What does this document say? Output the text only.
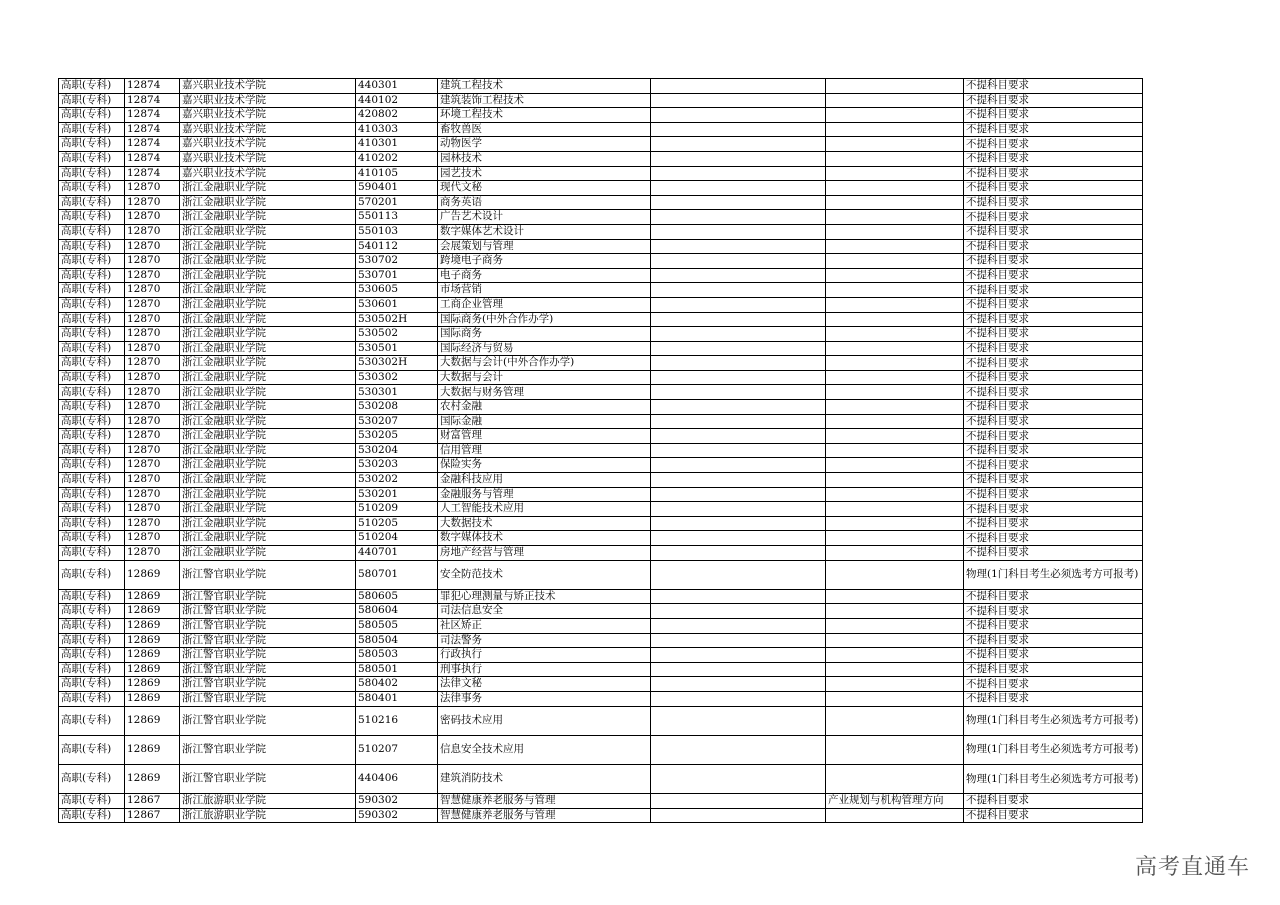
高职(专科)	12874	嘉兴职业技术学院	440301	建筑工程技术			不提科目要求
高职(专科)	12874	嘉兴职业技术学院	440102	建筑装饰工程技术			不提科目要求
高职(专科)	12874	嘉兴职业技术学院	420802	环境工程技术			不提科目要求
高职(专科)	12874	嘉兴职业技术学院	410303	畜牧兽医			不提科目要求
高职(专科)	12874	嘉兴职业技术学院	410301	动物医学			不提科目要求
高职(专科)	12874	嘉兴职业技术学院	410202	园林技术			不提科目要求
高职(专科)	12874	嘉兴职业技术学院	410105	园艺技术			不提科目要求
高职(专科)	12870	浙江金融职业学院	590401	现代文秘			不提科目要求
高职(专科)	12870	浙江金融职业学院	570201	商务英语			不提科目要求
高职(专科)	12870	浙江金融职业学院	550113	广告艺术设计			不提科目要求
高职(专科)	12870	浙江金融职业学院	550103	数字媒体艺术设计			不提科目要求
高职(专科)	12870	浙江金融职业学院	540112	会展策划与管理			不提科目要求
高职(专科)	12870	浙江金融职业学院	530702	跨境电子商务			不提科目要求
高职(专科)	12870	浙江金融职业学院	530701	电子商务			不提科目要求
高职(专科)	12870	浙江金融职业学院	530605	市场营销			不提科目要求
高职(专科)	12870	浙江金融职业学院	530601	工商企业管理			不提科目要求
高职(专科)	12870	浙江金融职业学院	530502H	国际商务(中外合作办学)			不提科目要求
高职(专科)	12870	浙江金融职业学院	530502	国际商务			不提科目要求
高职(专科)	12870	浙江金融职业学院	530501	国际经济与贸易			不提科目要求
高职(专科)	12870	浙江金融职业学院	530302H	大数据与会计(中外合作办学)			不提科目要求
高职(专科)	12870	浙江金融职业学院	530302	大数据与会计			不提科目要求
高职(专科)	12870	浙江金融职业学院	530301	大数据与财务管理			不提科目要求
高职(专科)	12870	浙江金融职业学院	530208	农村金融			不提科目要求
高职(专科)	12870	浙江金融职业学院	530207	国际金融			不提科目要求
高职(专科)	12870	浙江金融职业学院	530205	财富管理			不提科目要求
高职(专科)	12870	浙江金融职业学院	530204	信用管理			不提科目要求
高职(专科)	12870	浙江金融职业学院	530203	保险实务			不提科目要求
高职(专科)	12870	浙江金融职业学院	530202	金融科技应用			不提科目要求
高职(专科)	12870	浙江金融职业学院	530201	金融服务与管理			不提科目要求
高职(专科)	12870	浙江金融职业学院	510209	人工智能技术应用			不提科目要求
高职(专科)	12870	浙江金融职业学院	510205	大数据技术			不提科目要求
高职(专科)	12870	浙江金融职业学院	510204	数字媒体技术			不提科目要求
高职(专科)	12870	浙江金融职业学院	440701	房地产经营与管理			不提科目要求
高职(专科)	12869	浙江警官职业学院	580701	安全防范技术			物理(1门科目考生必须选考方可报考)
高职(专科)	12869	浙江警官职业学院	580605	罪犯心理测量与矫正技术			不提科目要求
高职(专科)	12869	浙江警官职业学院	580604	司法信息安全			不提科目要求
高职(专科)	12869	浙江警官职业学院	580505	社区矫正			不提科目要求
高职(专科)	12869	浙江警官职业学院	580504	司法警务			不提科目要求
高职(专科)	12869	浙江警官职业学院	580503	行政执行			不提科目要求
高职(专科)	12869	浙江警官职业学院	580501	刑事执行			不提科目要求
高职(专科)	12869	浙江警官职业学院	580402	法律文秘			不提科目要求
高职(专科)	12869	浙江警官职业学院	580401	法律事务			不提科目要求
高职(专科)	12869	浙江警官职业学院	510216	密码技术应用			物理(1门科目考生必须选考方可报考)
高职(专科)	12869	浙江警官职业学院	510207	信息安全技术应用			物理(1门科目考生必须选考方可报考)
高职(专科)	12869	浙江警官职业学院	440406	建筑消防技术			物理(1门科目考生必须选考方可报考)
高职(专科)	12867	浙江旅游职业学院	590302	智慧健康养老服务与管理		产业规划与机构管理方向	不提科目要求
高职(专科)	12867	浙江旅游职业学院	590302	智慧健康养老服务与管理			不提科目要求
高考直通车
